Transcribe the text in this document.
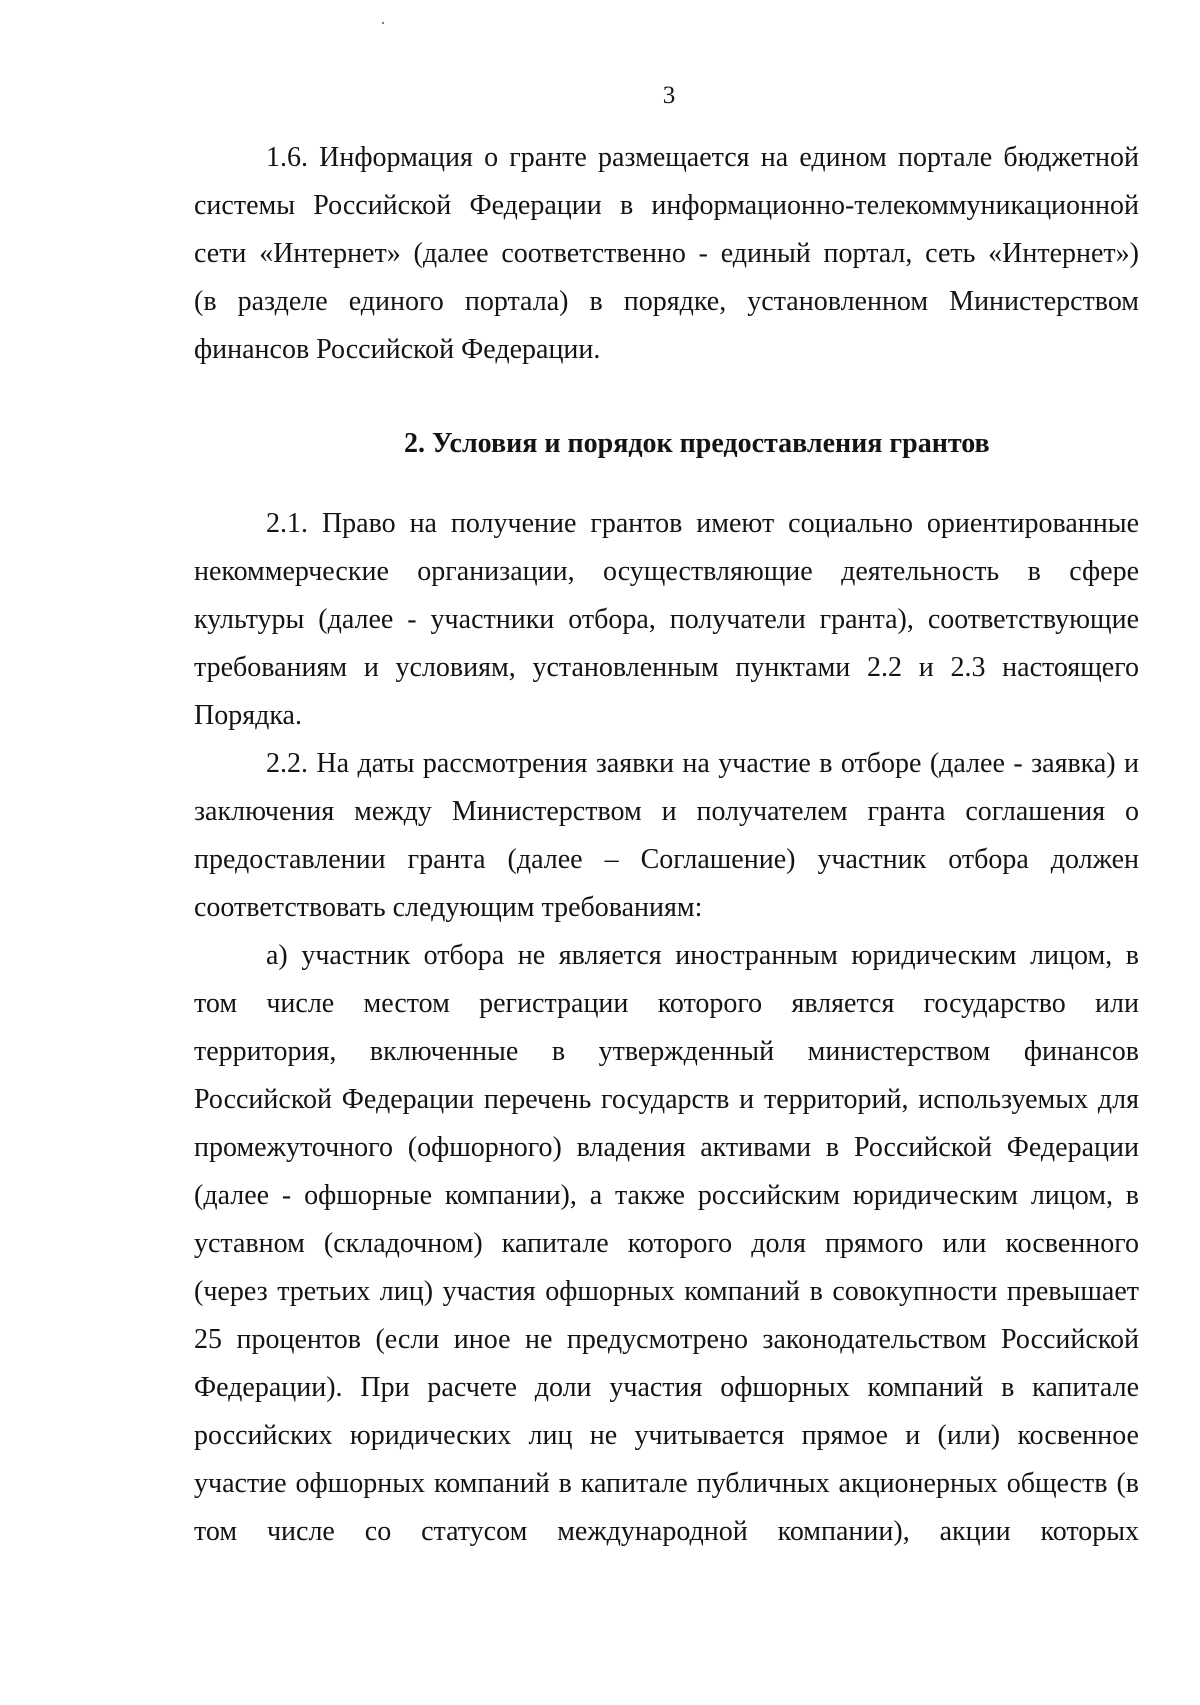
3
1.6. Информация о гранте размещается на едином портале бюджетной
системы Российской Федерации в информационно-телекоммуникационной
сети «Интернет» (далее соответственно - единый портал, сеть «Интернет»)
(в разделе единого портала) в порядке, установленном Министерством
финансов Российской Федерации.
2. Условия и порядок предоставления грантов
2.1. Право на получение грантов имеют социально ориентированные
некоммерческие организации, осуществляющие деятельность в сфере
культуры (далее - участники отбора, получатели гранта), соответствующие
требованиям и условиям, установленным пунктами 2.2 и 2.3 настоящего
Порядка.
2.2. На даты рассмотрения заявки на участие в отборе (далее - заявка) и
заключения между Министерством и получателем гранта соглашения о
предоставлении гранта (далее – Соглашение) участник отбора должен
соответствовать следующим требованиям:
а) участник отбора не является иностранным юридическим лицом, в
том числе местом регистрации которого является государство или
территория, включенные в утвержденный министерством финансов
Российской Федерации перечень государств и территорий, используемых для
промежуточного (офшорного) владения активами в Российской Федерации
(далее - офшорные компании), а также российским юридическим лицом, в
уставном (складочном) капитале которого доля прямого или косвенного
(через третьих лиц) участия офшорных компаний в совокупности превышает
25 процентов (если иное не предусмотрено законодательством Российской
Федерации). При расчете доли участия офшорных компаний в капитале
российских юридических лиц не учитывается прямое и (или) косвенное
участие офшорных компаний в капитале публичных акционерных обществ (в
том числе со статусом международной компании), акции которых
